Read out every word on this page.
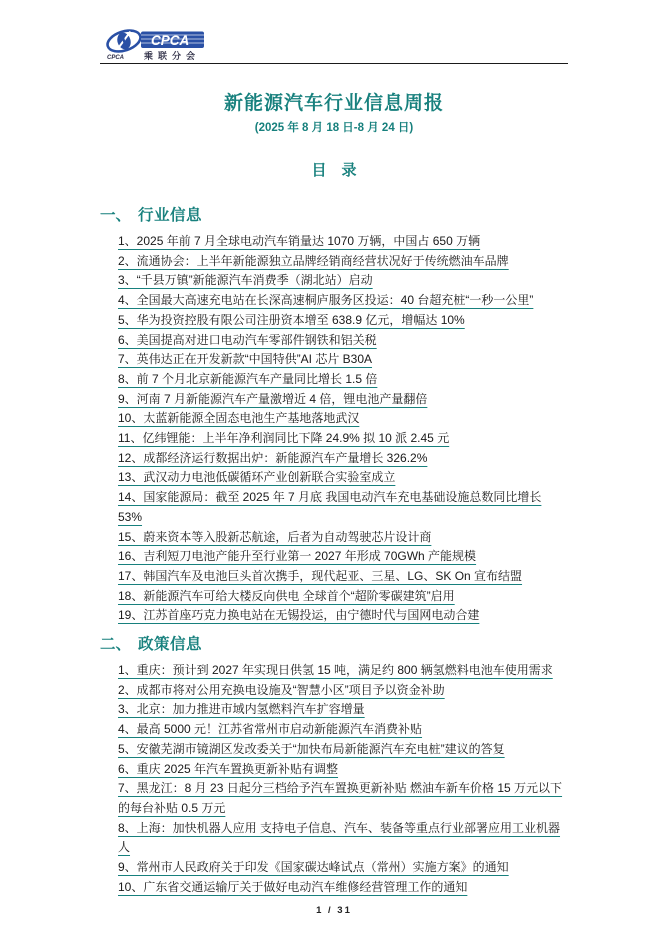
CPCA
CPCA
乘联分会
新能源汽车行业信息周报
(2025 年 8 月 18 日-8 月 24 日)
目　录
一、 行业信息
1、2025 年前 7 月全球电动汽车销量达 1070 万辆，中国占 650 万辆
2、流通协会：上半年新能源独立品牌经销商经营状况好于传统燃油车品牌
3、“千县万镇”新能源汽车消费季（湖北站）启动
4、全国最大高速充电站在长深高速桐庐服务区投运：40 台超充桩“一秒一公里”
5、华为投资控股有限公司注册资本增至 638.9 亿元，增幅达 10%
6、美国提高对进口电动汽车零部件钢铁和铝关税
7、英伟达正在开发新款“中国特供”AI 芯片 B30A
8、前 7 个月北京新能源汽车产量同比增长 1.5 倍
9、河南 7 月新能源汽车产量激增近 4 倍，锂电池产量翻倍
10、太蓝新能源全固态电池生产基地落地武汉
11、亿纬锂能：上半年净利润同比下降 24.9% 拟 10 派 2.45 元
12、成都经济运行数据出炉：新能源汽车产量增长 326.2%
13、武汉动力电池低碳循环产业创新联合实验室成立
14、国家能源局：截至 2025 年 7 月底 我国电动汽车充电基础设施总数同比增长 53%
15、蔚来资本等入股新芯航途，后者为自动驾驶芯片设计商
16、吉利短刀电池产能升至行业第一 2027 年形成 70GWh 产能规模
17、韩国汽车及电池巨头首次携手，现代起亚、三星、LG、SK On 宣布结盟
18、新能源汽车可给大楼反向供电 全球首个“超阶零碳建筑”启用
19、江苏首座巧克力换电站在无锡投运，由宁德时代与国网电动合建
二、 政策信息
1、重庆：预计到 2027 年实现日供氢 15 吨，满足约 800 辆氢燃料电池车使用需求
2、成都市将对公用充换电设施及“智慧小区”项目予以资金补助
3、北京：加力推进市域内氢燃料汽车扩容增量
4、最高 5000 元！江苏省常州市启动新能源汽车消费补贴
5、安徽芜湖市镜湖区发改委关于“加快布局新能源汽车充电桩”建议的答复
6、重庆 2025 年汽车置换更新补贴有调整
7、黑龙江：8 月 23 日起分三档给予汽车置换更新补贴 燃油车新车价格 15 万元以下的每台补贴 0.5 万元
8、上海：加快机器人应用 支持电子信息、汽车、装备等重点行业部署应用工业机器人
9、常州市人民政府关于印发《国家碳达峰试点（常州）实施方案》的通知
10、广东省交通运输厅关于做好电动汽车维修经营管理工作的通知
1 / 31
